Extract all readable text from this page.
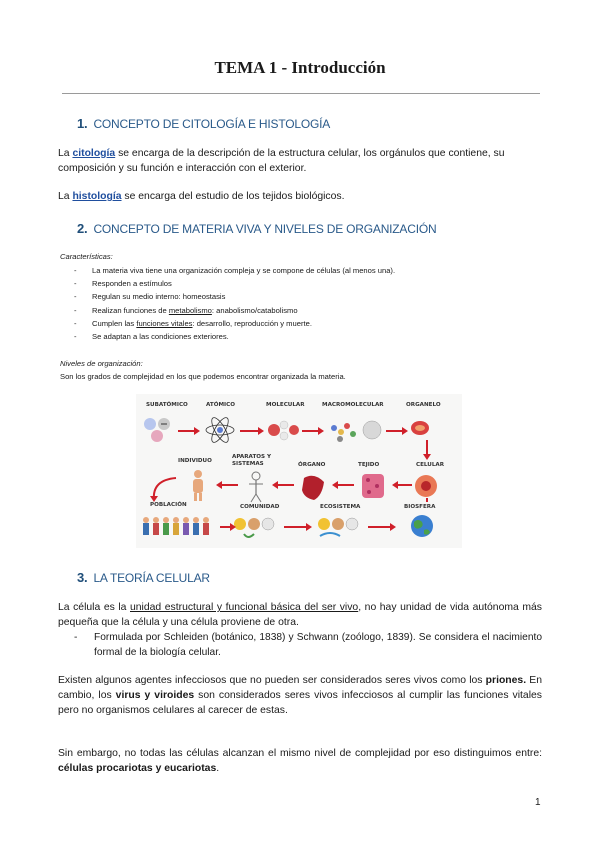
TEMA 1 - Introducción
1. CONCEPTO DE CITOLOGÍA E HISTOLOGÍA
La citología se encarga de la descripción de la estructura celular, los orgánulos que contiene, su composición y su función e interacción con el exterior.
La histología se encarga del estudio de los tejidos biológicos.
2. CONCEPTO DE MATERIA VIVA Y NIVELES DE ORGANIZACIÓN
Características:
- La materia viva tiene una organización compleja y se compone de células (al menos una).
- Responden a estímulos
- Regulan su medio interno: homeostasis
- Realizan funciones de metabolismo: anabolismo/catabolismo
- Cumplen las funciones vitales: desarrollo, reproducción y muerte.
- Se adaptan a las condiciones exteriores.
Niveles de organización:
Son los grados de complejidad en los que podemos encontrar organizada la materia.
SUBATÓMICO	ATÓMICO	MOLECULAR	MACROMOLECULAR	ORGANELO
INDIVIDUO
APARATOS Y SISTEMAS	ÓRGANO	TEJIDO	CELULAR
POBLACIÓN	COMUNIDAD	ECOSISTEMA	BIOSFERA
3. LA TEORÍA CELULAR
La célula es la unidad estructural y funcional básica del ser vivo, no hay unidad de vida autónoma más pequeña que la célula y una célula proviene de otra.
- Formulada por Schleiden (botánico, 1838) y Schwann (zoólogo, 1839). Se considera el nacimiento formal de la biología celular.
Existen algunos agentes infecciosos que no pueden ser considerados seres vivos como los priones. En cambio, los virus y viroides son considerados seres vivos infecciosos al cumplir las funciones vitales pero no organismos celulares al carecer de estas.
Sin embargo, no todas las células alcanzan el mismo nivel de complejidad por eso distinguimos entre: células procariotas y eucariotas.
1
